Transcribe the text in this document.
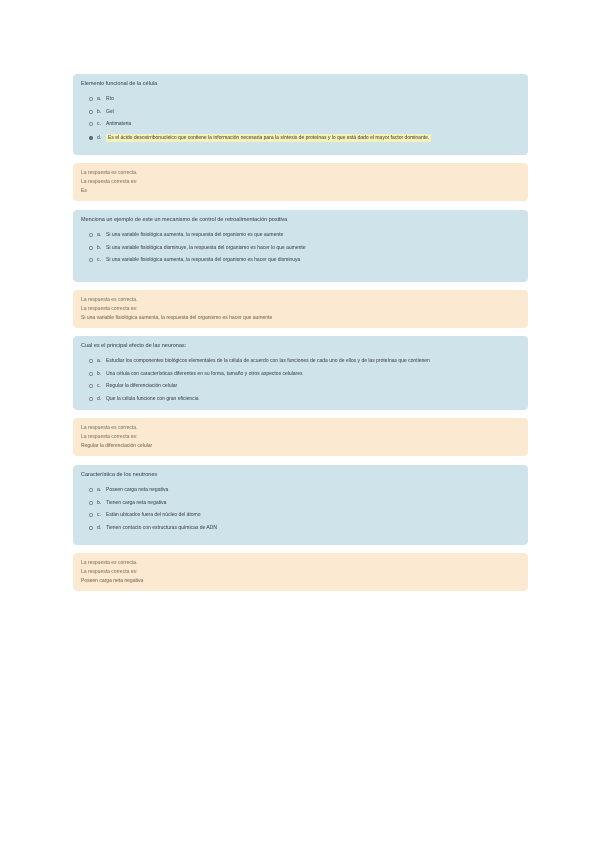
Elemento funcional de la célula
a. Río
b. Gel
c.	Antimateria
d.	Es el ácido desoxirribonucleico que contiene la información necesaria para la síntesis de proteínas y lo que está dado el mayor factor dominante.
La respuesta es correcta.
La respuesta correcta es:
Es
Menciona un ejemplo de este un mecanismo de control de retroalimentación positiva
a. Si una variable fisiológica aumenta, la respuesta del organismo es que aumente
b. Si una variable fisiológica disminuye, la respuesta del organismo es hacer lo que aumente
c.	Si una variable fisiológica aumenta, la respuesta del organismo es hacer que disminuya
La respuesta es correcta.
La respuesta correcta es:
Si una variable fisiológica aumenta, la respuesta del organismo es hacer que aumente
Cual es el principal efecto de las neuronas:
a. Estudiar los componentes biológicos elementales de la célula de acuerdo con las funciones de cada uno de ellos y de las proteínas que contienen
b. Una célula con características diferentes en su forma, tamaño y otros aspectos celulares
c.	Regular la diferenciación celular
d. Que la célula funcione con gran eficiencia
La respuesta es correcta.
La respuesta correcta es:
Regular la diferenciación celular
Característica de los neutrones
a. Poseen carga neta negativa
b. Tienen carga neta negativa
c.	Están ubicados fuera del núcleo del átomo
d. Tienen contacto con estructuras químicas de ADN
La respuesta es correcta.
La respuesta correcta es:
Poseen carga neta negativa
